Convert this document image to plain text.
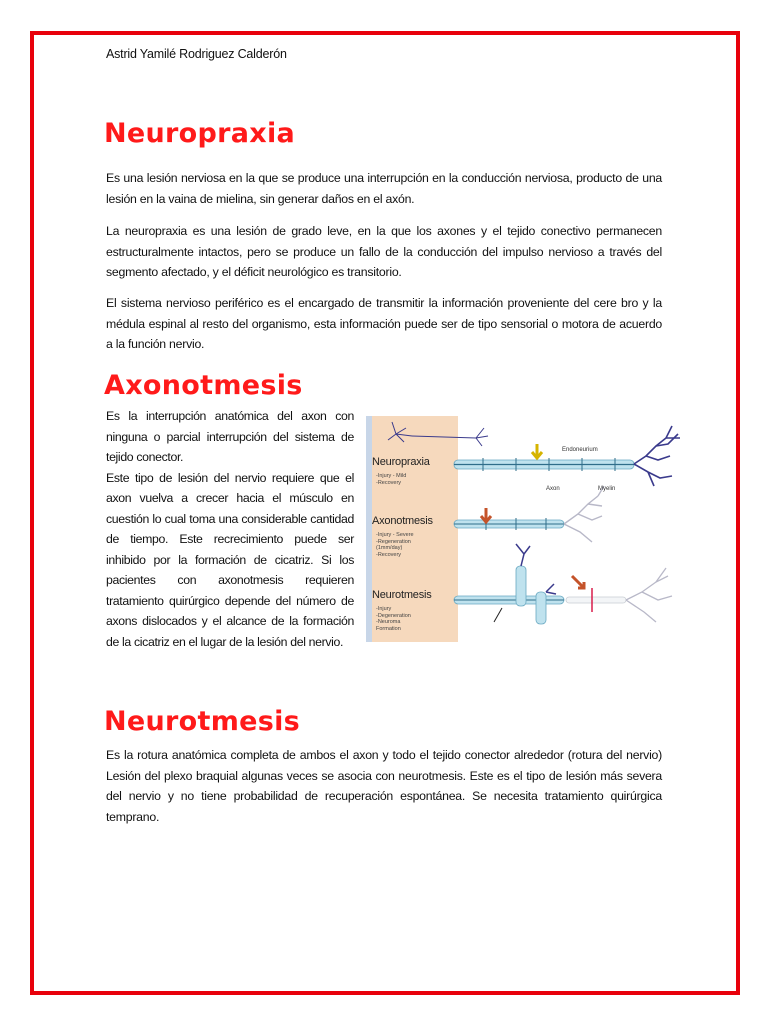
Astrid Yamilé Rodriguez Calderón
Neuropraxia

Es una lesión nerviosa en la que se produce una interrupción en la conducción nerviosa, producto de una lesión en la vaina de mielina, sin generar daños en el axón.

La neuropraxia es una lesión de grado leve, en la que los axones y el tejido conectivo permanecen estructuralmente intactos, pero se produce un fallo de la conducción del impulso nervioso a través del segmento afectado, y el déficit neurológico es transitorio.

El sistema nervioso periférico es el encargado de transmitir la información proveniente del cere bro y la médula espinal al resto del organismo, esta información puede ser de tipo sensorial o motora de acuerdo a la función nervio.

Axonotmesis

Es la interrupción anatómica del axon con ninguna o parcial interrupción del sistema de tejido conector.

Este tipo de lesión del nervio requiere que el axon vuelva a crecer hacia el músculo en cuestión lo cual toma una considerable cantidad de tiempo. Este recrecimiento puede ser inhibido por la formación de cicatriz. Si los pacientes con axonotmesis requieren tratamiento quirúrgico depende del número de axons dislocados y el alcance de la formación de la cicatriz en el lugar de la lesión del nervio.

Neuropraxia
-Injury - Mild
-Recovery
Axonotmesis
-Injury - Severe
-Regeneration
(1mm/day)
-Recovery
Neurotmesis
-Injury
-Degeneration
-Neuroma
Formation
Endoneurium
Axon	Myelin
Neurotmesis

Es la rotura anatómica completa de ambos el axon y todo el tejido conector alrededor (rotura del nervio) Lesión del plexo braquial algunas veces se asocia con neurotmesis. Este es el tipo de lesión más severa del nervio y no tiene probabilidad de recuperación espontánea. Se necesita tratamiento quirúrgica temprano.
